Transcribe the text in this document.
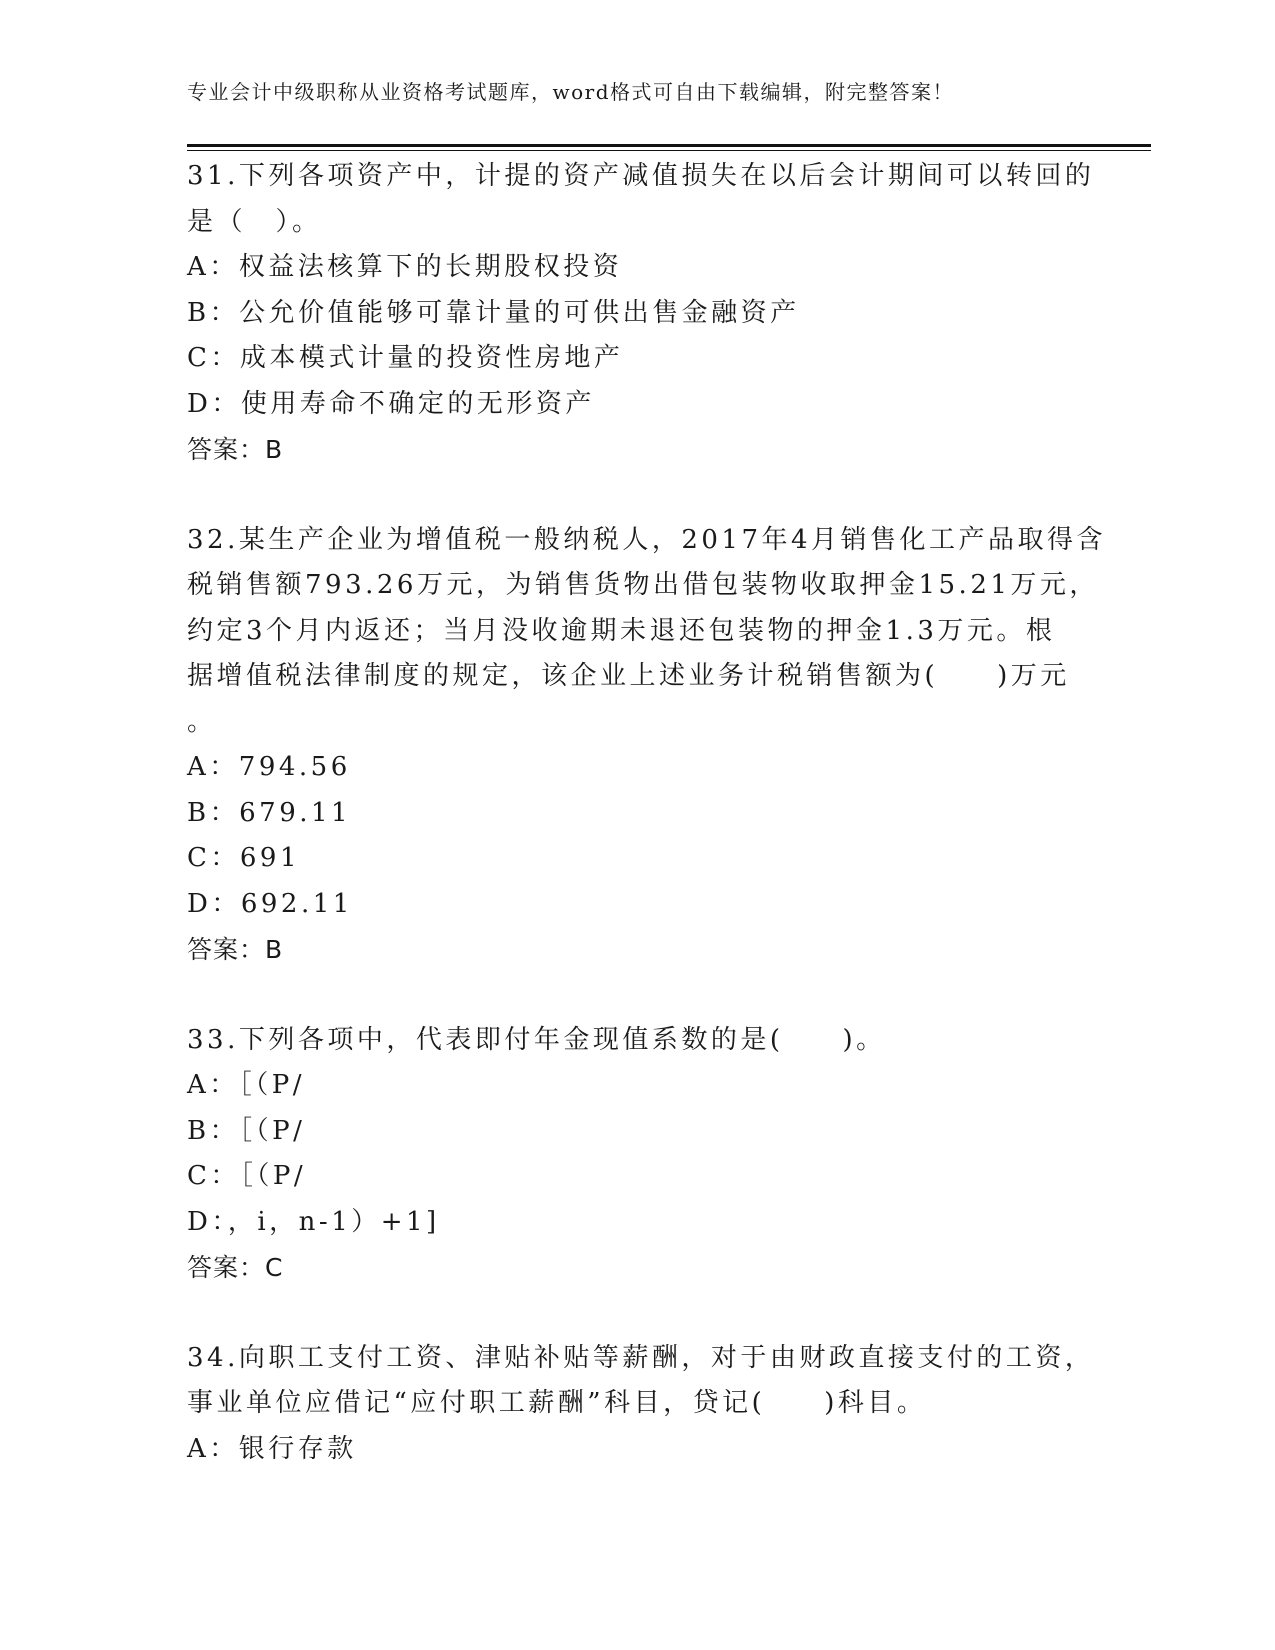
专业会计中级职称从业资格考试题库，word格式可自由下载编辑，附完整答案！
31.下列各项资产中，计提的资产减值损失在以后会计期间可以转回的
是（　）。
A：权益法核算下的长期股权投资
B：公允价值能够可靠计量的可供出售金融资产
C：成本模式计量的投资性房地产
D：使用寿命不确定的无形资产
答案：B
32.某生产企业为增值税一般纳税人，2017年4月销售化工产品取得含
税销售额793.26万元，为销售货物出借包装物收取押金15.21万元，
约定3个月内返还；当月没收逾期未退还包装物的押金1.3万元。根
据增值税法律制度的规定，该企业上述业务计税销售额为(　　)万元
。
A：794.56
B：679.11
C：691
D：692.11
答案：B
33.下列各项中，代表即付年金现值系数的是(　　)。
A：［（P/
B：［（P/
C：［（P/
D：，i，n-1）+1]
答案：C
34.向职工支付工资、津贴补贴等薪酬，对于由财政直接支付的工资，
事业单位应借记“应付职工薪酬”科目，贷记(　　)科目。
A：银行存款
